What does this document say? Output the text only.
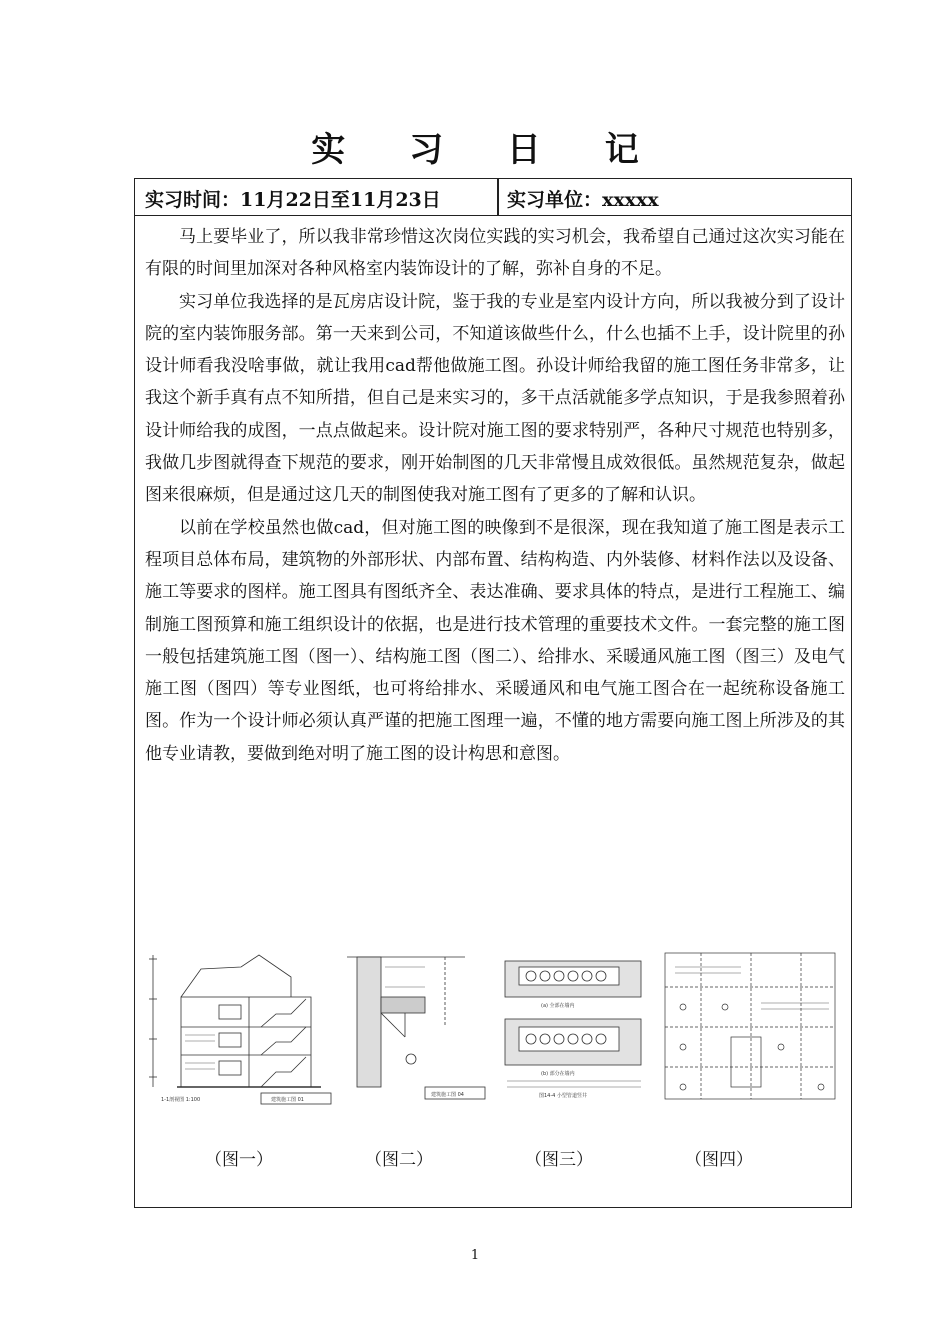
实 习 日 记
实习时间：11月22日至11月23日	实习单位：xxxxx

马上要毕业了，所以我非常珍惜这次岗位实践的实习机会，我希望自己通过这次实习能在有限的时间里加深对各种风格室内装饰设计的了解，弥补自身的不足。

实习单位我选择的是瓦房店设计院，鉴于我的专业是室内设计方向，所以我被分到了设计院的室内装饰服务部。第一天来到公司，不知道该做些什么，什么也插不上手，设计院里的孙设计师看我没啥事做，就让我用cad帮他做施工图。孙设计师给我留的施工图任务非常多，让我这个新手真有点不知所措，但自己是来实习的，多干点活就能多学点知识，于是我参照着孙设计师给我的成图，一点点做起来。设计院对施工图的要求特别严，各种尺寸规范也特别多，我做几步图就得查下规范的要求，刚开始制图的几天非常慢且成效很低。虽然规范复杂，做起图来很麻烦，但是通过这几天的制图使我对施工图有了更多的了解和认识。

以前在学校虽然也做cad，但对施工图的映像到不是很深，现在我知道了施工图是表示工程项目总体布局，建筑物的外部形状、内部布置、结构构造、内外装修、材料作法以及设备、施工等要求的图样。施工图具有图纸齐全、表达准确、要求具体的特点，是进行工程施工、编制施工图预算和施工组织设计的依据，也是进行技术管理的重要技术文件。一套完整的施工图一般包括建筑施工图（图一）、结构施工图（图二）、给排水、采暖通风施工图（图三）及电气施工图（图四）等专业图纸，也可将给排水、采暖通风和电气施工图合在一起统称设备施工图。作为一个设计师必须认真严谨的把施工图理一遍，不懂的地方需要向施工图上所涉及的其他专业请教，要做到绝对明了施工图的设计构思和意图。

1-1剖视图 1:100	建筑施工图 01
建筑施工图 04
(a) 全部在墙内
(b) 部分在墙内
图14-4 小型管道竖井
（图一）	（图二）	（图三）	（图四）
1
